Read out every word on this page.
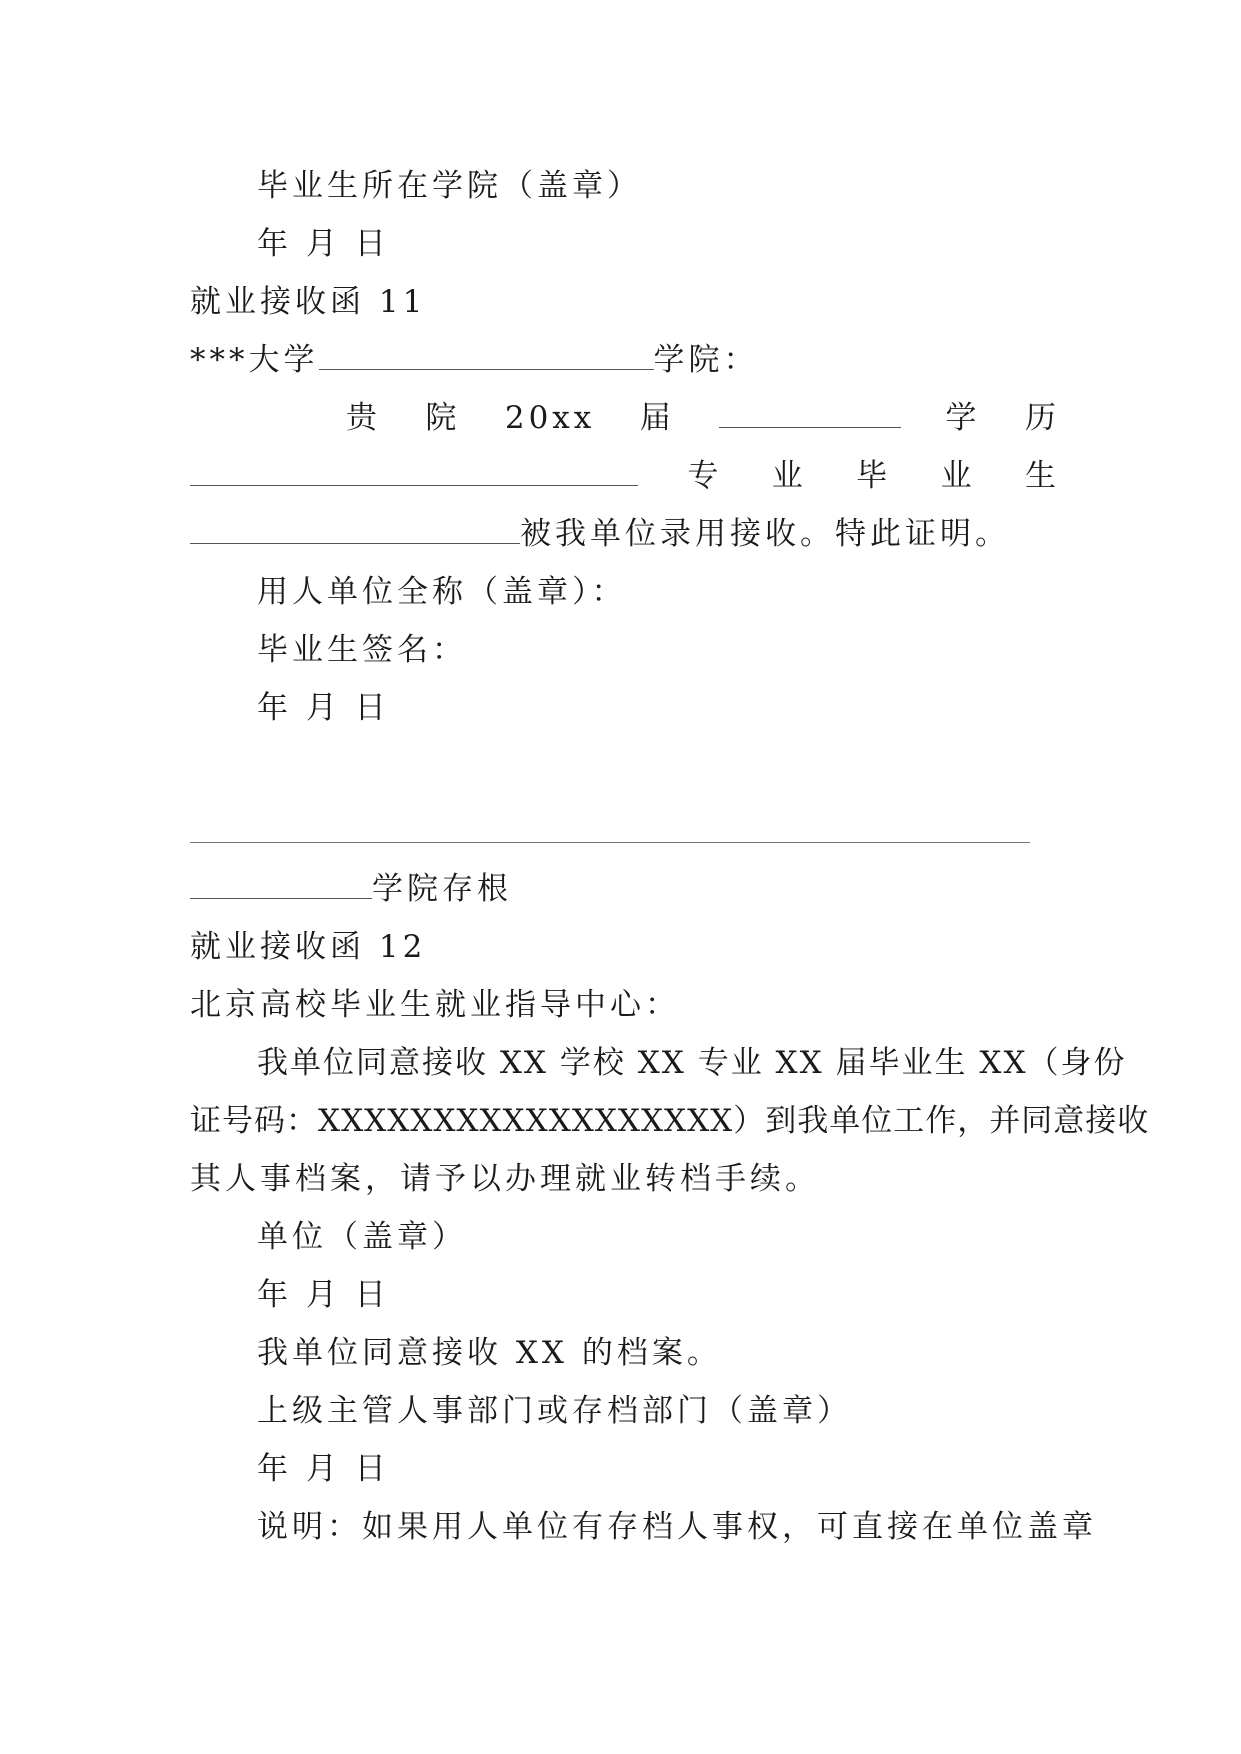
毕业生所在学院（盖章）
年 月 日
就业接收函 11
***大学	学院：
贵 院 20xx 届	学 历
专 业 毕 业 生
被我单位录用接收。特此证明。
用人单位全称（盖章）：
毕业生签名：
年 月 日
学院存根
就业接收函 12
北京高校毕业生就业指导中心：
我单位同意接收 XX 学校 XX 专业 XX 届毕业生 XX（身份
证号码：XXXXXXXXXXXXXXXXXX）到我单位工作，并同意接收
其人事档案，请予以办理就业转档手续。
单位（盖章）
年 月 日
我单位同意接收 XX 的档案。
上级主管人事部门或存档部门（盖章）
年 月 日
说明：如果用人单位有存档人事权，可直接在单位盖章
